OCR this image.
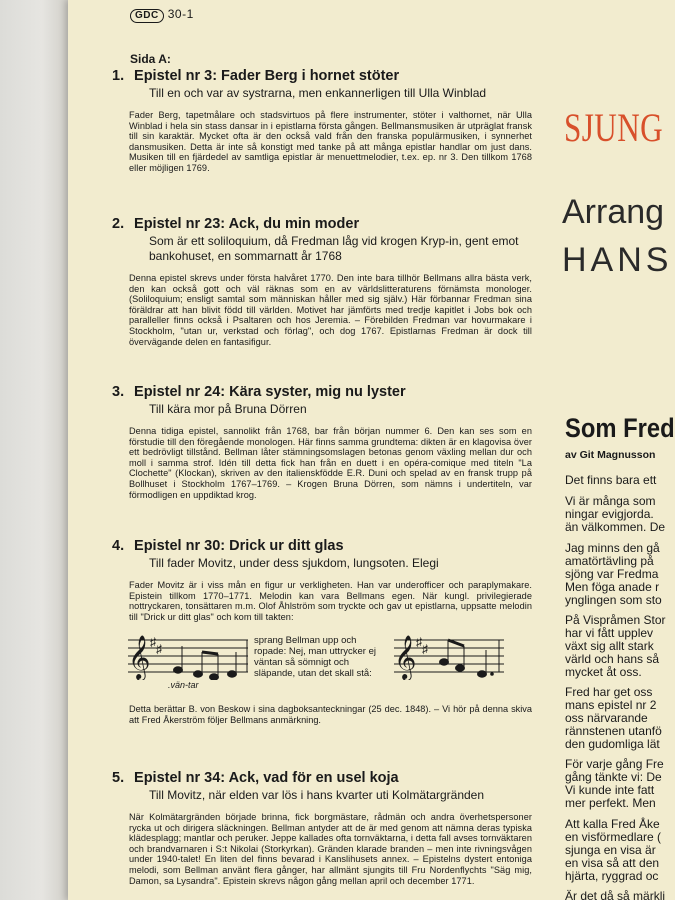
GDC 30-1
Sida A:
1. Epistel nr 3: Fader Berg i hornet stöter
Till en och var av systrarna, men enkannerligen till Ulla Winblad
Fader Berg, tapetmålare och stadsvirtuos på flere instrumenter, stöter i valthornet, när Ulla Winblad i hela sin stass dansar in i epistlarna första gången. Bellmansmusiken är utpräglat fransk till sin karaktär. Mycket ofta är den också vald från den franska populärmusiken, i synnerhet dansmusiken. Detta är inte så konstigt med tanke på att många epistlar handlar om just dans. Musiken till en fjärdedel av samtliga epistlar är menuettmelodier, t.ex. ep. nr 3. Den tillkom 1768 eller möjligen 1769.
2. Epistel nr 23: Ack, du min moder
Som är ett soliloquium, då Fredman låg vid krogen Kryp-in, gent emot bankohuset, en sommarnatt år 1768
Denna epistel skrevs under första halvåret 1770. Den inte bara tillhör Bellmans allra bästa verk, den kan också gott och väl räknas som en av världslitteraturens förnämsta monologer. (Soliloquium; ensligt samtal som människan håller med sig själv.) Här förbannar Fredman sina föräldrar att han blivit född till världen. Motivet har jämförts med tredje kapitlet i Jobs bok och paralleller finns också i Psaltaren och hos Jeremia. – Förebilden Fredman var hovurmakare i Stockholm, "utan ur, verkstad och förlag", och dog 1767. Epistlarnas Fredman är dock till övervägande delen en fantasifigur.
3. Epistel nr 24: Kära syster, mig nu lyster
Till kära mor på Bruna Dörren
Denna tidiga epistel, sannolikt från 1768, bar från början nummer 6. Den kan ses som en förstudie till den föregående monologen. Här finns samma grundtema: dikten är en klagovisa över ett bedrövligt tillstånd. Bellman låter stämningsomslagen betonas genom växling mellan dur och moll i samma strof. Idén till detta fick han från en duett i en opéra-comique med titeln "La Clochette" (Klockan), skriven av den italienskfödde E.R. Duni och spelad av en fransk trupp på Bollhuset i Stockholm 1767–1769. – Krogen Bruna Dörren, som nämns i undertiteln, var förmodligen en uppdiktad krog.
4. Epistel nr 30: Drick ur ditt glas
Till fader Movitz, under dess sjukdom, lungsoten. Elegi
Fader Movitz är i viss mån en figur ur verkligheten. Han var underofficer och paraplymakare. Epistein tillkom 1770–1771. Melodin kan vara Bellmans egen. När kungl. privilegierade nottryckaren, tonsättaren m.m. Olof Åhlström som tryckte och gav ut epistlarna, uppsatte melodin till "Drick ur ditt glas" och kom till takten:
𝄞 ♯ ♯
.vän-tar
sprang Bellman upp och ropade: Nej, man uttrycker ej väntan så sömnigt och släpande, utan det skall stå: 𝄞 ♯ ♯
Detta berättar B. von Beskow i sina dagboksanteckningar (25 dec. 1848). – Vi hör på denna skiva att Fred Åkerström följer Bellmans anmärkning.
5. Epistel nr 34: Ack, vad för en usel koja
Till Movitz, när elden var lös i hans kvarter uti Kolmätargränden
När Kolmätargränden började brinna, fick borgmästare, rådmän och andra överhetspersoner rycka ut och dirigera släckningen. Bellman antyder att de är med genom att nämna deras typiska klädesplagg; mantlar och peruker. Jeppe kallades ofta tornväktarna, i detta fall avses tornväktaren och brandvarnaren i S:t Nikolai (Storkyrkan). Gränden klarade branden – men inte rivningsvågen under 1940-talet! En liten del finns bevarad i Kanslihusets annex. – Epistelns dystert entoniga melodi, som Bellman använt flera gånger, har allmänt sjungits till Fru Nordenflychts "Säg mig, Damon, sa Lysandra". Epistein skrevs någon gång mellan april och december 1771.
SJUNG
Arrang
HANS
Som Fred
av Git Magnusson
Det finns bara ett
Vi är många som
ningar evigjorda.
än välkommen. De
Jag minns den gå
amatörtävling på
sjöng var Fredma
Men föga anade r
ynglingen som sto
På Vispråmen Stor
har vi fått upplev
växt sig allt stark
värld och hans så
mycket åt oss.
Fred har get oss
mans epistel nr 2
oss närvarande
rännstenen utanfö
den gudomliga lät
För varje gång Fre
gång tänkte vi: De
Vi kunde inte fatt
mer perfekt. Men
Att kalla Fred Åke
en visförmedlare (
sjunga en visa är
en visa så att den
hjärta, ryggrad oc
Är det då så märkli
